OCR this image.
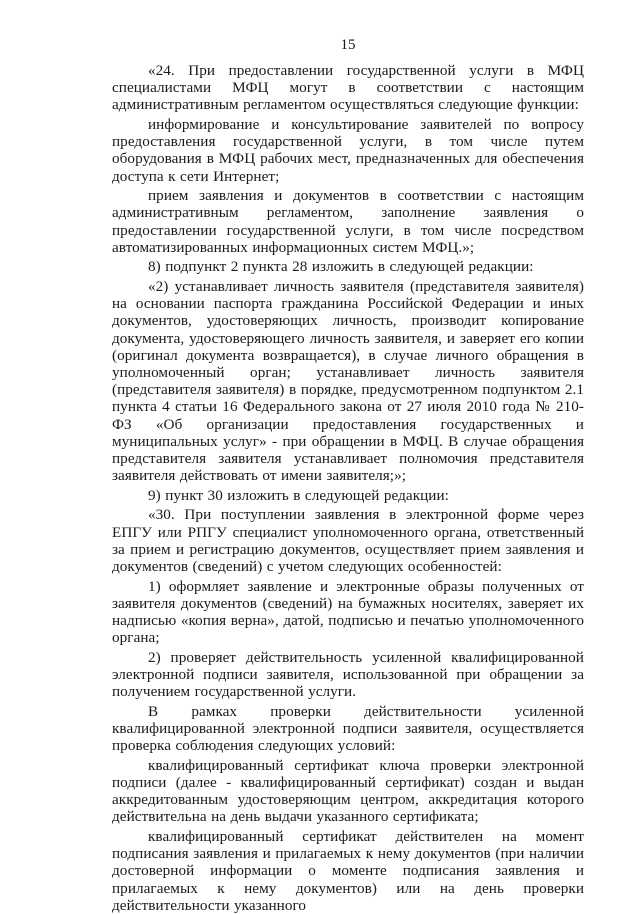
15

«24. При предоставлении государственной услуги в МФЦ специалистами МФЦ могут в соответствии с настоящим административным регламентом осуществляться следующие функции:

информирование и консультирование заявителей по вопросу предоставления государственной услуги, в том числе путем оборудования в МФЦ рабочих мест, предназначенных для обеспечения доступа к сети Интернет;

прием заявления и документов в соответствии с настоящим административным регламентом, заполнение заявления о предоставлении государственной услуги, в том числе посредством автоматизированных информационных систем МФЦ.»;

8) подпункт 2 пункта 28 изложить в следующей редакции:

«2) устанавливает личность заявителя (представителя заявителя) на основании паспорта гражданина Российской Федерации и иных документов, удостоверяющих личность, производит копирование документа, удостоверяющего личность заявителя, и заверяет его копии (оригинал документа возвращается), в случае личного обращения в уполномоченный орган; устанавливает личность заявителя (представителя заявителя) в порядке, предусмотренном подпунктом 2.1 пункта 4 статьи 16 Федерального закона от 27 июля 2010 года № 210-ФЗ «Об организации предоставления государственных и муниципальных услуг» - при обращении в МФЦ. В случае обращения представителя заявителя устанавливает полномочия представителя заявителя действовать от имени заявителя;»;

9) пункт 30 изложить в следующей редакции:

«30. При поступлении заявления в электронной форме через ЕПГУ или РПГУ специалист уполномоченного органа, ответственный за прием и регистрацию документов, осуществляет прием заявления и документов (сведений) с учетом следующих особенностей:

1) оформляет заявление и электронные образы полученных от заявителя документов (сведений) на бумажных носителях, заверяет их надписью «копия верна», датой, подписью и печатью уполномоченного органа;

2) проверяет действительность усиленной квалифицированной электронной подписи заявителя, использованной при обращении за получением государственной услуги.

В рамках проверки действительности усиленной квалифицированной электронной подписи заявителя, осуществляется проверка соблюдения следующих условий:

квалифицированный сертификат ключа проверки электронной подписи (далее - квалифицированный сертификат) создан и выдан аккредитованным удостоверяющим центром, аккредитация которого действительна на день выдачи указанного сертификата;

квалифицированный сертификат действителен на момент подписания заявления и прилагаемых к нему документов (при наличии достоверной информации о моменте подписания заявления и прилагаемых к нему документов) или на день проверки действительности указанного
